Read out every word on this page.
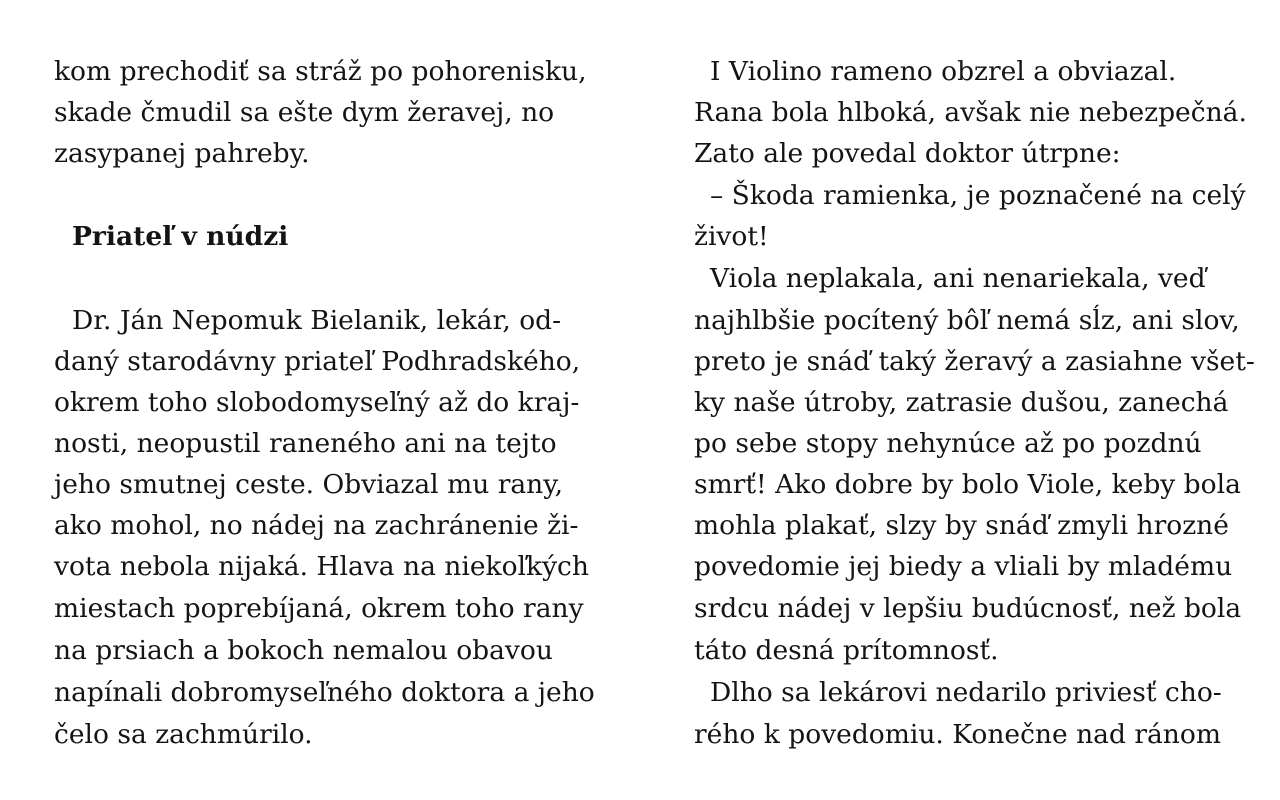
kom prechodiť sa stráž po pohorenisku,
skade čmudil sa ešte dym žeravej, no
zasypanej pahreby.
Priateľ v núdzi
Dr. Ján Nepomuk Bielanik, lekár, od-
daný starodávny priateľ Podhradského,
okrem toho slobodomyseľný až do kraj-
nosti, neopustil raneného ani na tejto
jeho smutnej ceste. Obviazal mu rany,
ako mohol, no nádej na zachránenie ži-
vota nebola nijaká. Hlava na niekoľkých
miestach poprebíjaná, okrem toho rany
na prsiach a bokoch nemalou obavou
napínali dobromyseľného doktora a jeho
čelo sa zachmúrilo.
I Violino rameno obzrel a obviazal.
Rana bola hlboká, avšak nie nebezpečná.
Zato ale povedal doktor útrpne:
– Škoda ramienka, je poznačené na celý
život!
Viola neplakala, ani nenariekala, veď
najhlbšie pocítený bôľ nemá sĺz, ani slov,
preto je snáď taký žeravý a zasiahne všet-
ky naše útroby, zatrasie dušou, zanechá
po sebe stopy nehynúce až po pozdnú
smrť! Ako dobre by bolo Viole, keby bola
mohla plakať, slzy by snáď zmyli hrozné
povedomie jej biedy a vliali by mladému
srdcu nádej v lepšiu budúcnosť, než bola
táto desná prítomnosť.
Dlho sa lekárovi nedarilo priviesť cho-
rého k povedomiu. Konečne nad ránom
